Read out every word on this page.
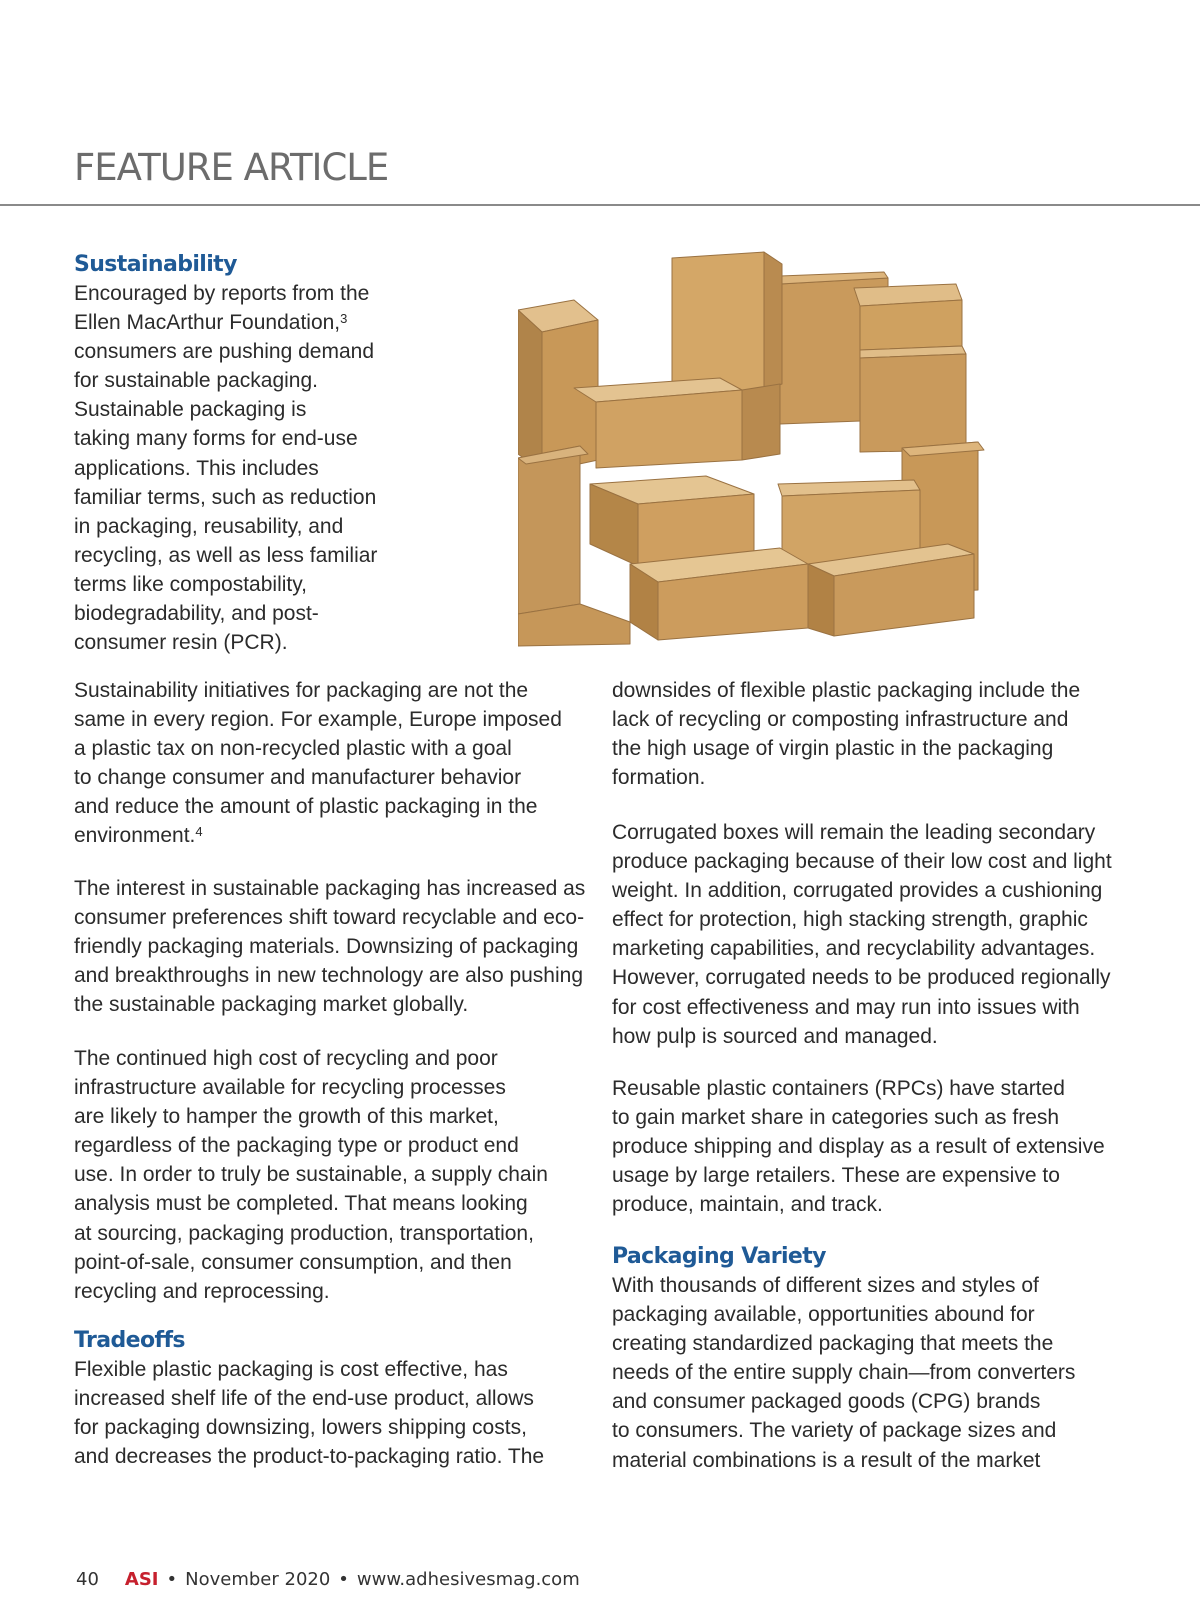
FEATURE ARTICLE
Sustainability

Encouraged by reports from the
Ellen MacArthur Foundation,$^3$
consumers are pushing demand
for sustainable packaging.
Sustainable packaging is
taking many forms for end-use
applications. This includes
familiar terms, such as reduction
in packaging, reusability, and
recycling, as well as less familiar
terms like compostability,
biodegradability, and post-
consumer resin (PCR).

Sustainability initiatives for packaging are not the
same in every region. For example, Europe imposed
a plastic tax on non-recycled plastic with a goal
to change consumer and manufacturer behavior
and reduce the amount of plastic packaging in the
environment.$^4$

The interest in sustainable packaging has increased as
consumer preferences shift toward recyclable and eco-
friendly packaging materials. Downsizing of packaging
and breakthroughs in new technology are also pushing
the sustainable packaging market globally.

The continued high cost of recycling and poor
infrastructure available for recycling processes
are likely to hamper the growth of this market,
regardless of the packaging type or product end
use. In order to truly be sustainable, a supply chain
analysis must be completed. That means looking
at sourcing, packaging production, transportation,
point-of-sale, consumer consumption, and then
recycling and reprocessing.

Tradeoffs

Flexible plastic packaging is cost effective, has
increased shelf life of the end-use product, allows
for packaging downsizing, lowers shipping costs,
and decreases the product-to-packaging ratio. The

downsides of flexible plastic packaging include the
lack of recycling or composting infrastructure and
the high usage of virgin plastic in the packaging
formation.

Corrugated boxes will remain the leading secondary
produce packaging because of their low cost and light
weight. In addition, corrugated provides a cushioning
effect for protection, high stacking strength, graphic
marketing capabilities, and recyclability advantages.
However, corrugated needs to be produced regionally
for cost effectiveness and may run into issues with
how pulp is sourced and managed.

Reusable plastic containers (RPCs) have started
to gain market share in categories such as fresh
produce shipping and display as a result of extensive
usage by large retailers. These are expensive to
produce, maintain, and track.

Packaging Variety

With thousands of different sizes and styles of
packaging available, opportunities abound for
creating standardized packaging that meets the
needs of the entire supply chain—from converters
and consumer packaged goods (CPG) brands
to consumers. The variety of package sizes and
material combinations is a result of the market

40 ASI • November 2020 • www.adhesivesmag.com
